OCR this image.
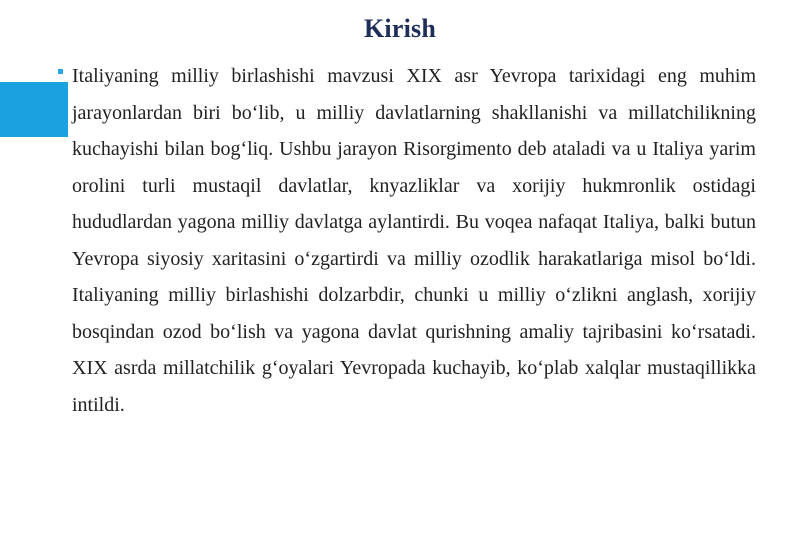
Kirish

Italiyaning milliy birlashishi mavzusi XIX asr Yevropa tarixidagi eng muhim jarayonlardan biri bo‘lib, u milliy davlatlarning shakllanishi va millatchilikning kuchayishi bilan bog‘liq. Ushbu jarayon Risorgimento deb ataladi va u Italiya yarim orolini turli mustaqil davlatlar, knyazliklar va xorijiy hukmronlik ostidagi hududlardan yagona milliy davlatga aylantirdi. Bu voqea nafaqat Italiya, balki butun Yevropa siyosiy xaritasini o‘zgartirdi va milliy ozodlik harakatlariga misol bo‘ldi. Italiyaning milliy birlashishi dolzarbdir, chunki u milliy o‘zlikni anglash, xorijiy bosqindan ozod bo‘lish va yagona davlat qurishning amaliy tajribasini ko‘rsatadi. XIX asrda millatchilik g‘oyalari Yevropada kuchayib, ko‘plab xalqlar mustaqillikka intildi.
